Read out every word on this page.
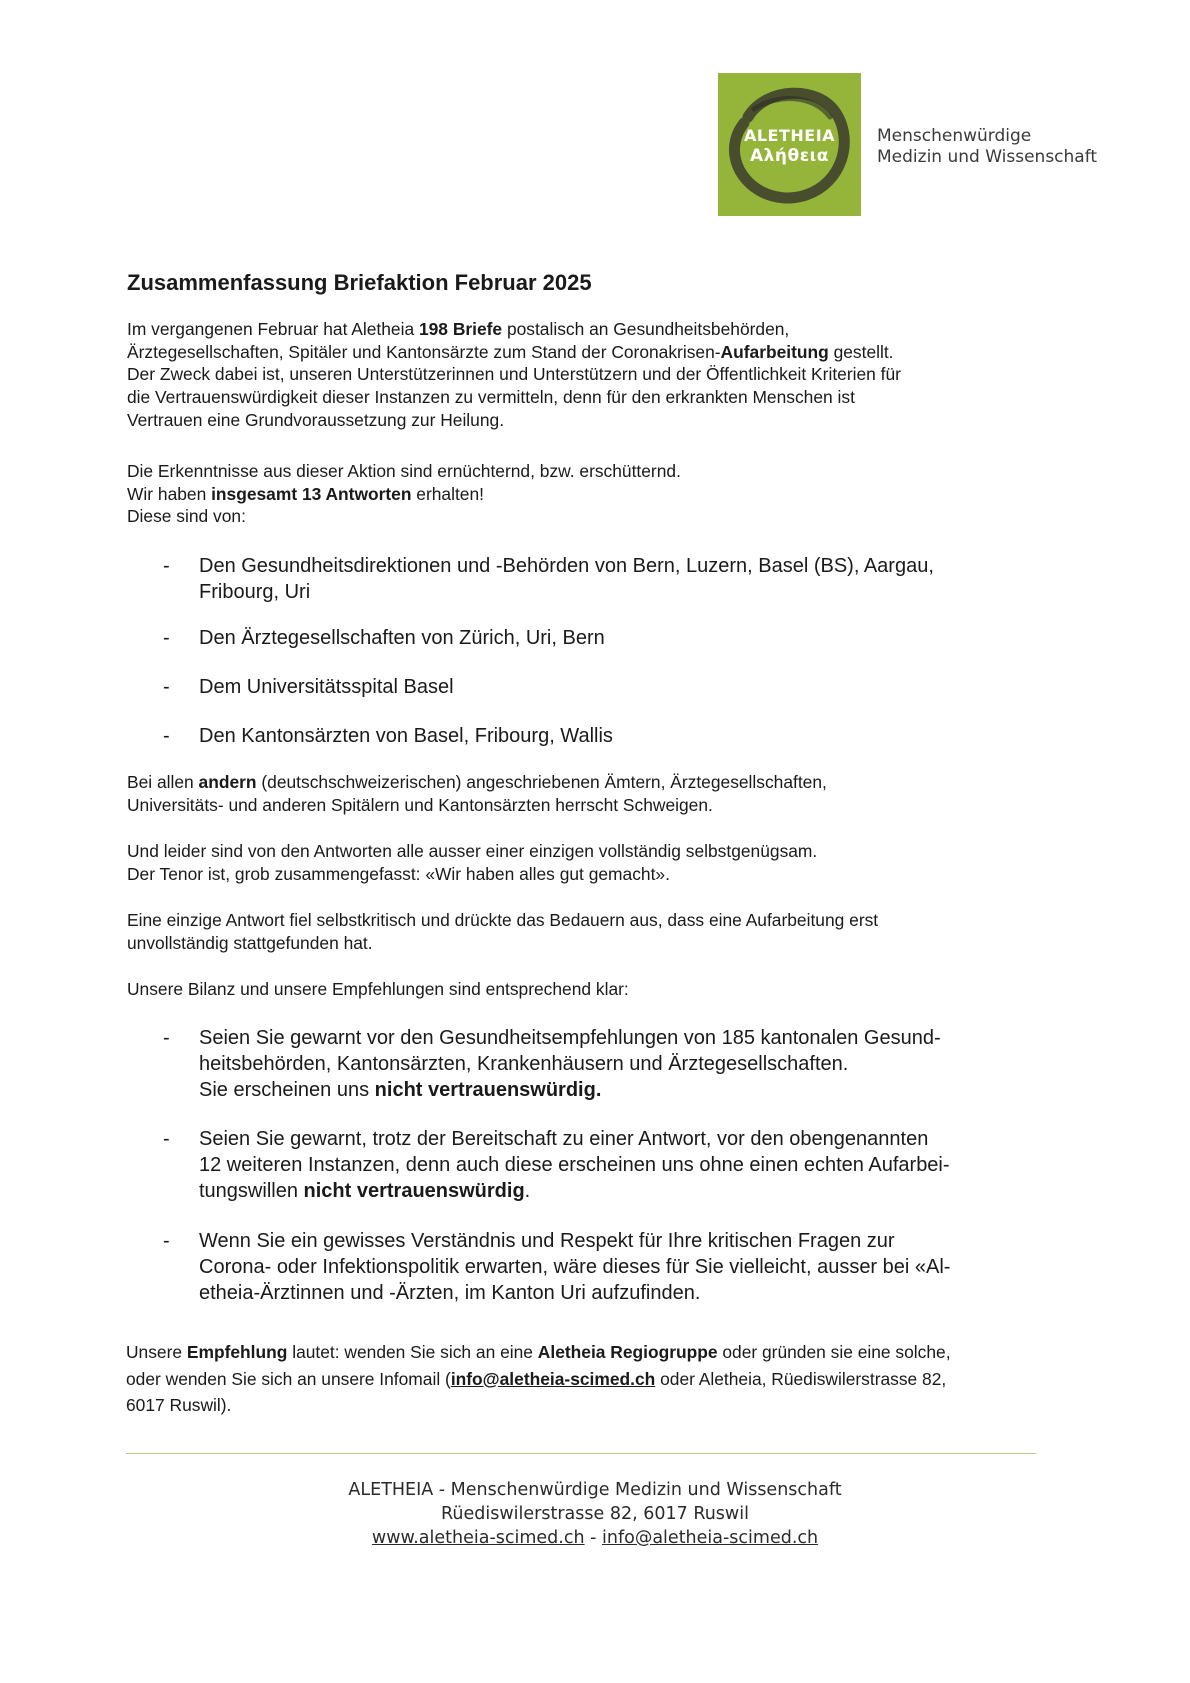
ALETHEIA
Αλήθεια
Menschenwürdige
Medizin und Wissenschaft
Zusammenfassung Briefaktion Februar 2025
Im vergangenen Februar hat Aletheia 198 Briefe postalisch an Gesundheitsbehörden,
Ärztegesellschaften, Spitäler und Kantonsärzte zum Stand der Coronakrisen-Aufarbeitung gestellt.
Der Zweck dabei ist, unseren Unterstützerinnen und Unterstützern und der Öffentlichkeit Kriterien für
die Vertrauenswürdigkeit dieser Instanzen zu vermitteln, denn für den erkrankten Menschen ist
Vertrauen eine Grundvoraussetzung zur Heilung.
Die Erkenntnisse aus dieser Aktion sind ernüchternd, bzw. erschütternd.
Wir haben insgesamt 13 Antworten erhalten!
Diese sind von:
- Den Gesundheitsdirektionen und -Behörden von Bern, Luzern, Basel (BS), Aargau,
Fribourg, Uri
- Den Ärztegesellschaften von Zürich, Uri, Bern
- Dem Universitätsspital Basel
- Den Kantonsärzten von Basel, Fribourg, Wallis
Bei allen andern (deutschschweizerischen) angeschriebenen Ämtern, Ärztegesellschaften,
Universitäts- und anderen Spitälern und Kantonsärzten herrscht Schweigen.
Und leider sind von den Antworten alle ausser einer einzigen vollständig selbstgenügsam.
Der Tenor ist, grob zusammengefasst: «Wir haben alles gut gemacht».
Eine einzige Antwort fiel selbstkritisch und drückte das Bedauern aus, dass eine Aufarbeitung erst
unvollständig stattgefunden hat.
Unsere Bilanz und unsere Empfehlungen sind entsprechend klar:
- Seien Sie gewarnt vor den Gesundheitsempfehlungen von 185 kantonalen Gesund-
heitsbehörden, Kantonsärzten, Krankenhäusern und Ärztegesellschaften.
Sie erscheinen uns nicht vertrauenswürdig.
- Seien Sie gewarnt, trotz der Bereitschaft zu einer Antwort, vor den obengenannten
12 weiteren Instanzen, denn auch diese erscheinen uns ohne einen echten Aufarbei-
tungswillen nicht vertrauenswürdig.
- Wenn Sie ein gewisses Verständnis und Respekt für Ihre kritischen Fragen zur
Corona- oder Infektionspolitik erwarten, wäre dieses für Sie vielleicht, ausser bei «Al-
etheia-Ärztinnen und -Ärzten, im Kanton Uri aufzufinden.
Unsere Empfehlung lautet: wenden Sie sich an eine Aletheia Regiogruppe oder gründen sie eine solche,
oder wenden Sie sich an unsere Infomail (info@aletheia-scimed.ch oder Aletheia, Rüediswilerstrasse 82,
6017 Ruswil).
ALETHEIA - Menschenwürdige Medizin und Wissenschaft
Rüediswilerstrasse 82, 6017 Ruswil
www.aletheia-scimed.ch - info@aletheia-scimed.ch
